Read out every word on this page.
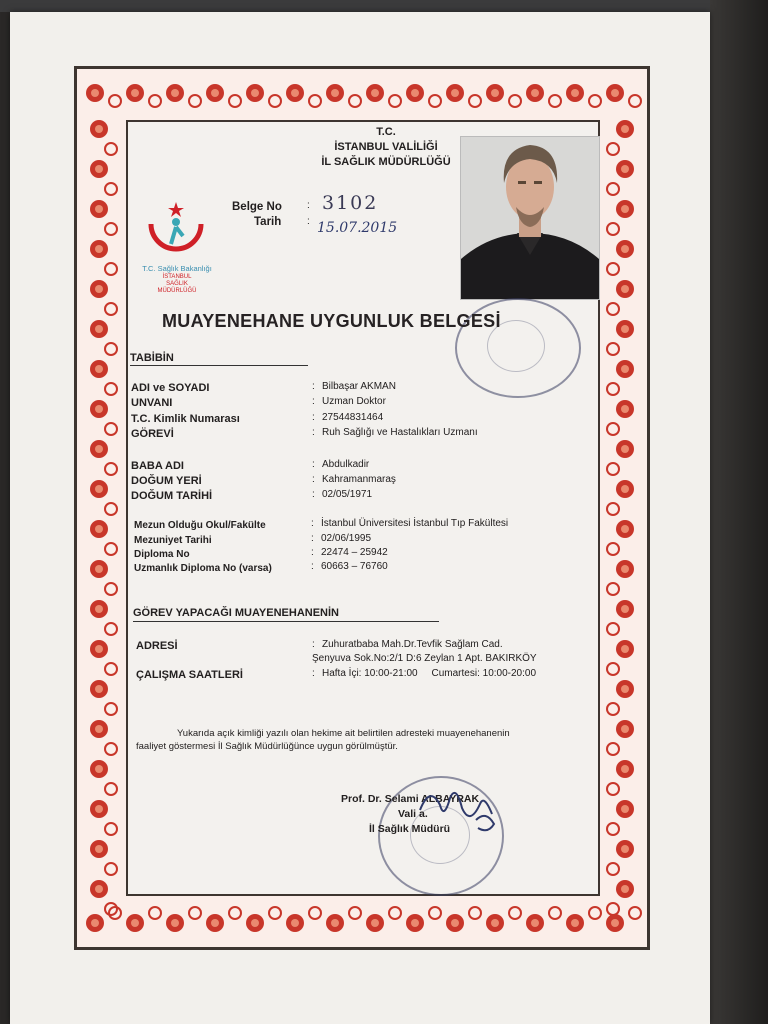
T.C.
İSTANBUL VALİLİĞİ
İL SAĞLIK MÜDÜRLÜĞÜ
T.C. Sağlık Bakanlığı
İSTANBUL
SAĞLIK
MÜDÜRLÜĞÜ
Belge No	: 3102
Tarih	: 15.07.2015
MUAYENEHANE UYGUNLUK BELGESİ
TABİBİN
ADI ve SOYADI	: Bilbaşar AKMAN
UNVANI	: Uzman Doktor
T.C. Kimlik Numarası	: 27544831464
GÖREVİ	: Ruh Sağlığı ve Hastalıkları Uzmanı
BABA ADI	: Abdulkadir
DOĞUM YERİ	: Kahramanmaraş
DOĞUM TARİHİ	: 02/05/1971
Mezun Olduğu Okul/Fakülte	: İstanbul Üniversitesi İstanbul Tıp Fakültesi
Mezuniyet Tarihi	: 02/06/1995
Diploma No	: 22474 – 25942
Uzmanlık Diploma No (varsa)	: 60663 – 76760
GÖREV YAPACAĞI MUAYENEHANENİN
ADRESİ	: Zuhuratbaba Mah.Dr.Tevfik Sağlam Cad.
Şenyuva Sok.No:2/1 D:6 Zeylan 1 Apt. BAKIRKÖY
ÇALIŞMA SAATLERİ	: Hafta İçi: 10:00-21:00     Cumartesi: 10:00-20:00
Yukarıda açık kimliği yazılı olan hekime ait belirtilen adresteki muayenehanenin
faaliyet göstermesi İl Sağlık Müdürlüğünce uygun görülmüştür.
Prof. Dr. Selami ALBAYRAK
Vali a.
İl Sağlık Müdürü
